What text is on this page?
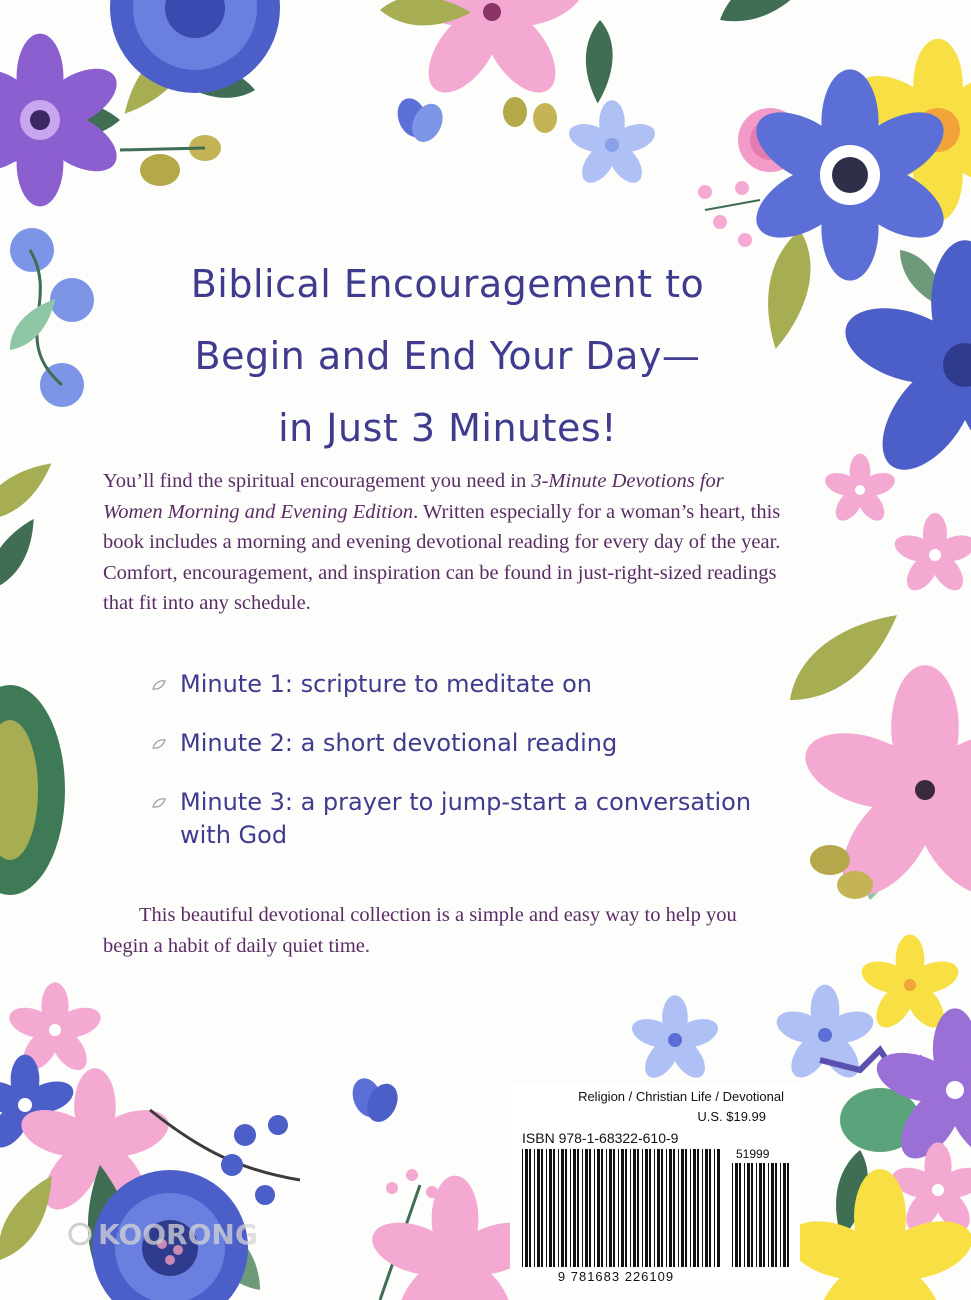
Biblical Encouragement to
Begin and End Your Day—
in Just 3 Minutes!

You’ll find the spiritual encouragement you need in 3-Minute Devotions for Women Morning and Evening Edition. Written especially for a woman’s heart, this book includes a morning and evening devotional reading for every day of the year. Comfort, encouragement, and inspiration can be found in just-right-sized readings that fit into any schedule.

Minute 1: scripture to meditate on
Minute 2: a short devotional reading
Minute 3: a prayer to jump-start a conversation with God

This beautiful devotional collection is a simple and easy way to help you begin a habit of daily quiet time.

Religion / Christian Life / Devotional
U.S. $19.99
ISBN 978-1-68322-610-9
51999
9 781683 226109
KOORONG
